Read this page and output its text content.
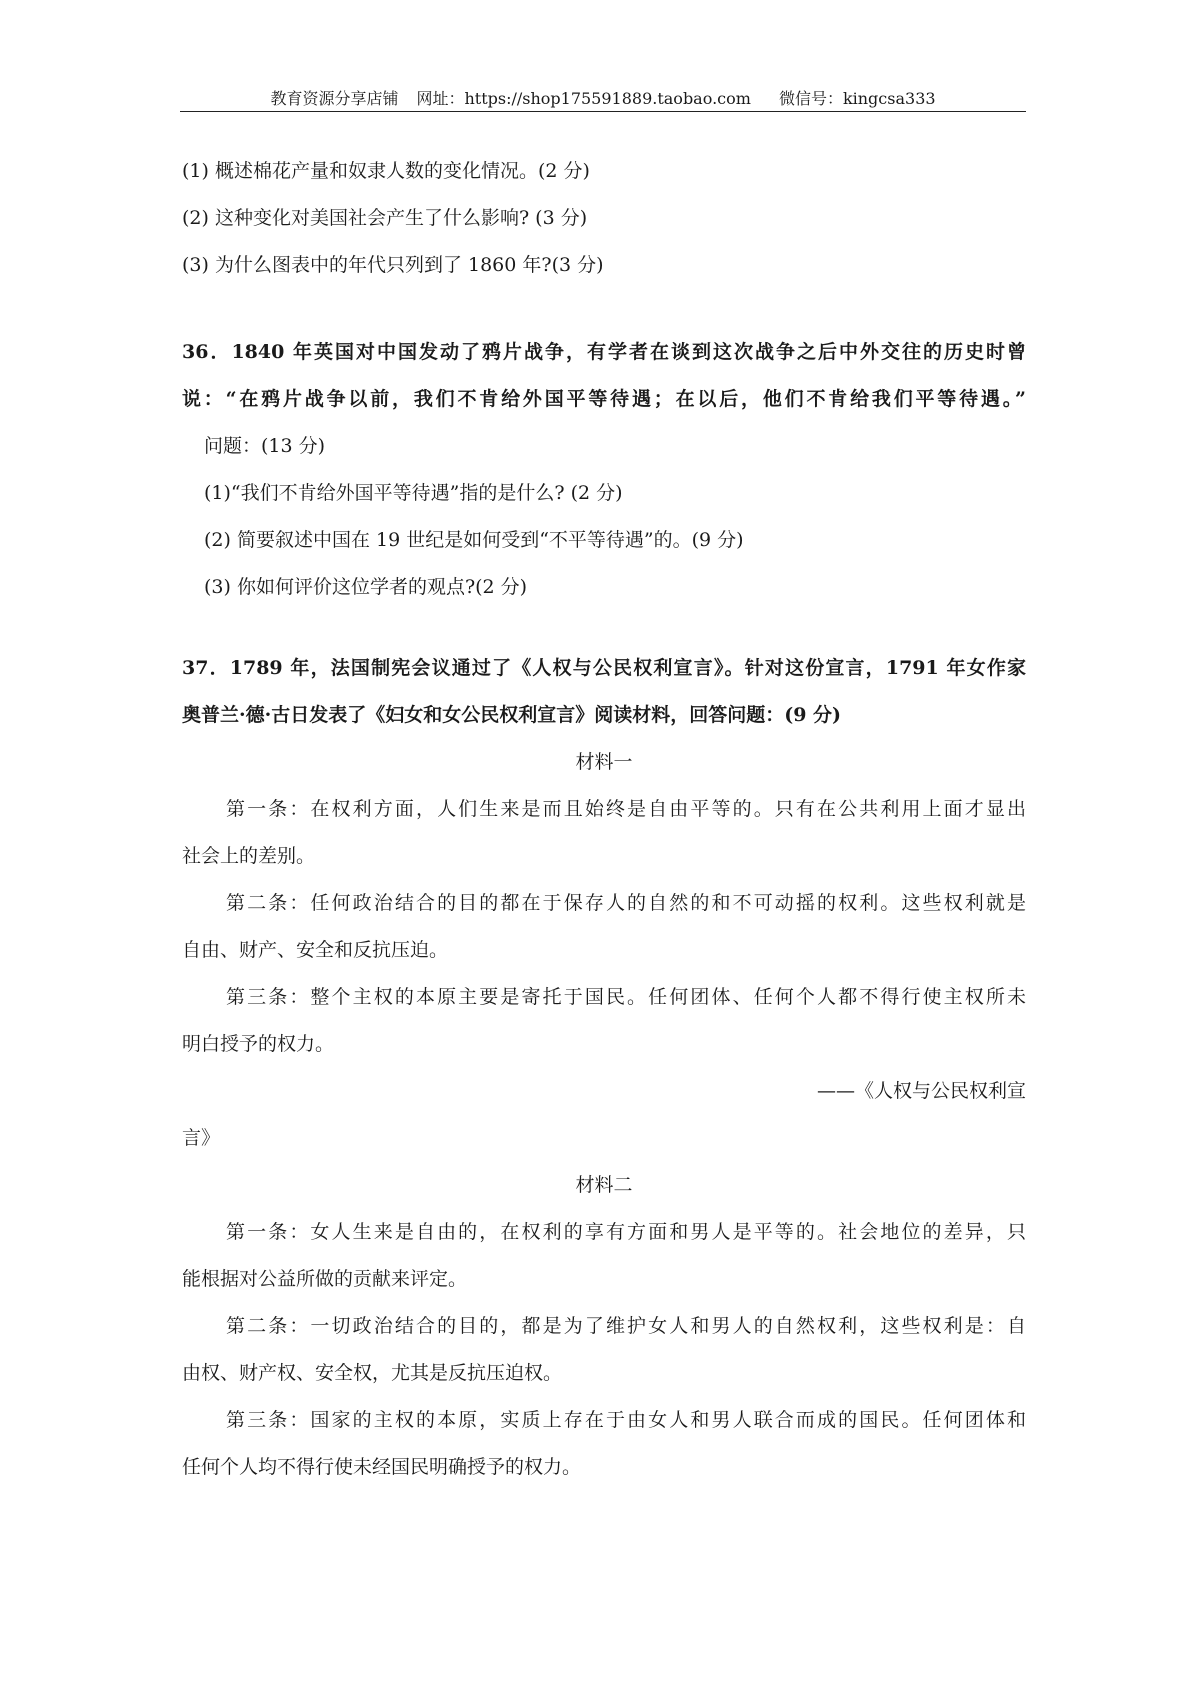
教育资源分享店铺 网址：https://shop175591889.taobao.com 微信号：kingcsa333
(1) 概述棉花产量和奴隶人数的变化情况。(2 分)
(2) 这种变化对美国社会产生了什么影响? (3 分)
(3) 为什么图表中的年代只列到了 1860 年?(3 分)
36．1840 年英国对中国发动了鸦片战争，有学者在谈到这次战争之后中外交往的历史时曾
说：“在鸦片战争以前，我们不肯给外国平等待遇；在以后，他们不肯给我们平等待遇。”
问题：(13 分)
(1)“我们不肯给外国平等待遇”指的是什么? (2 分)
(2) 简要叙述中国在 19 世纪是如何受到“不平等待遇”的。(9 分)
(3) 你如何评价这位学者的观点?(2 分)
37．1789 年，法国制宪会议通过了《人权与公民权利宣言》。针对这份宣言，1791 年女作家
奥普兰·德·古日发表了《妇女和女公民权利宣言》阅读材料，回答问题：(9 分)
材料一
第一条：在权利方面，人们生来是而且始终是自由平等的。只有在公共利用上面才显出
社会上的差别。
第二条：任何政治结合的目的都在于保存人的自然的和不可动摇的权利。这些权利就是
自由、财产、安全和反抗压迫。
第三条：整个主权的本原主要是寄托于国民。任何团体、任何个人都不得行使主权所未
明白授予的权力。
——《人权与公民权利宣
言》
材料二
第一条：女人生来是自由的，在权利的享有方面和男人是平等的。社会地位的差异，只
能根据对公益所做的贡献来评定。
第二条：一切政治结合的目的，都是为了维护女人和男人的自然权利，这些权利是：自
由权、财产权、安全权，尤其是反抗压迫权。
第三条：国家的主权的本原，实质上存在于由女人和男人联合而成的国民。任何团体和
任何个人均不得行使未经国民明确授予的权力。
